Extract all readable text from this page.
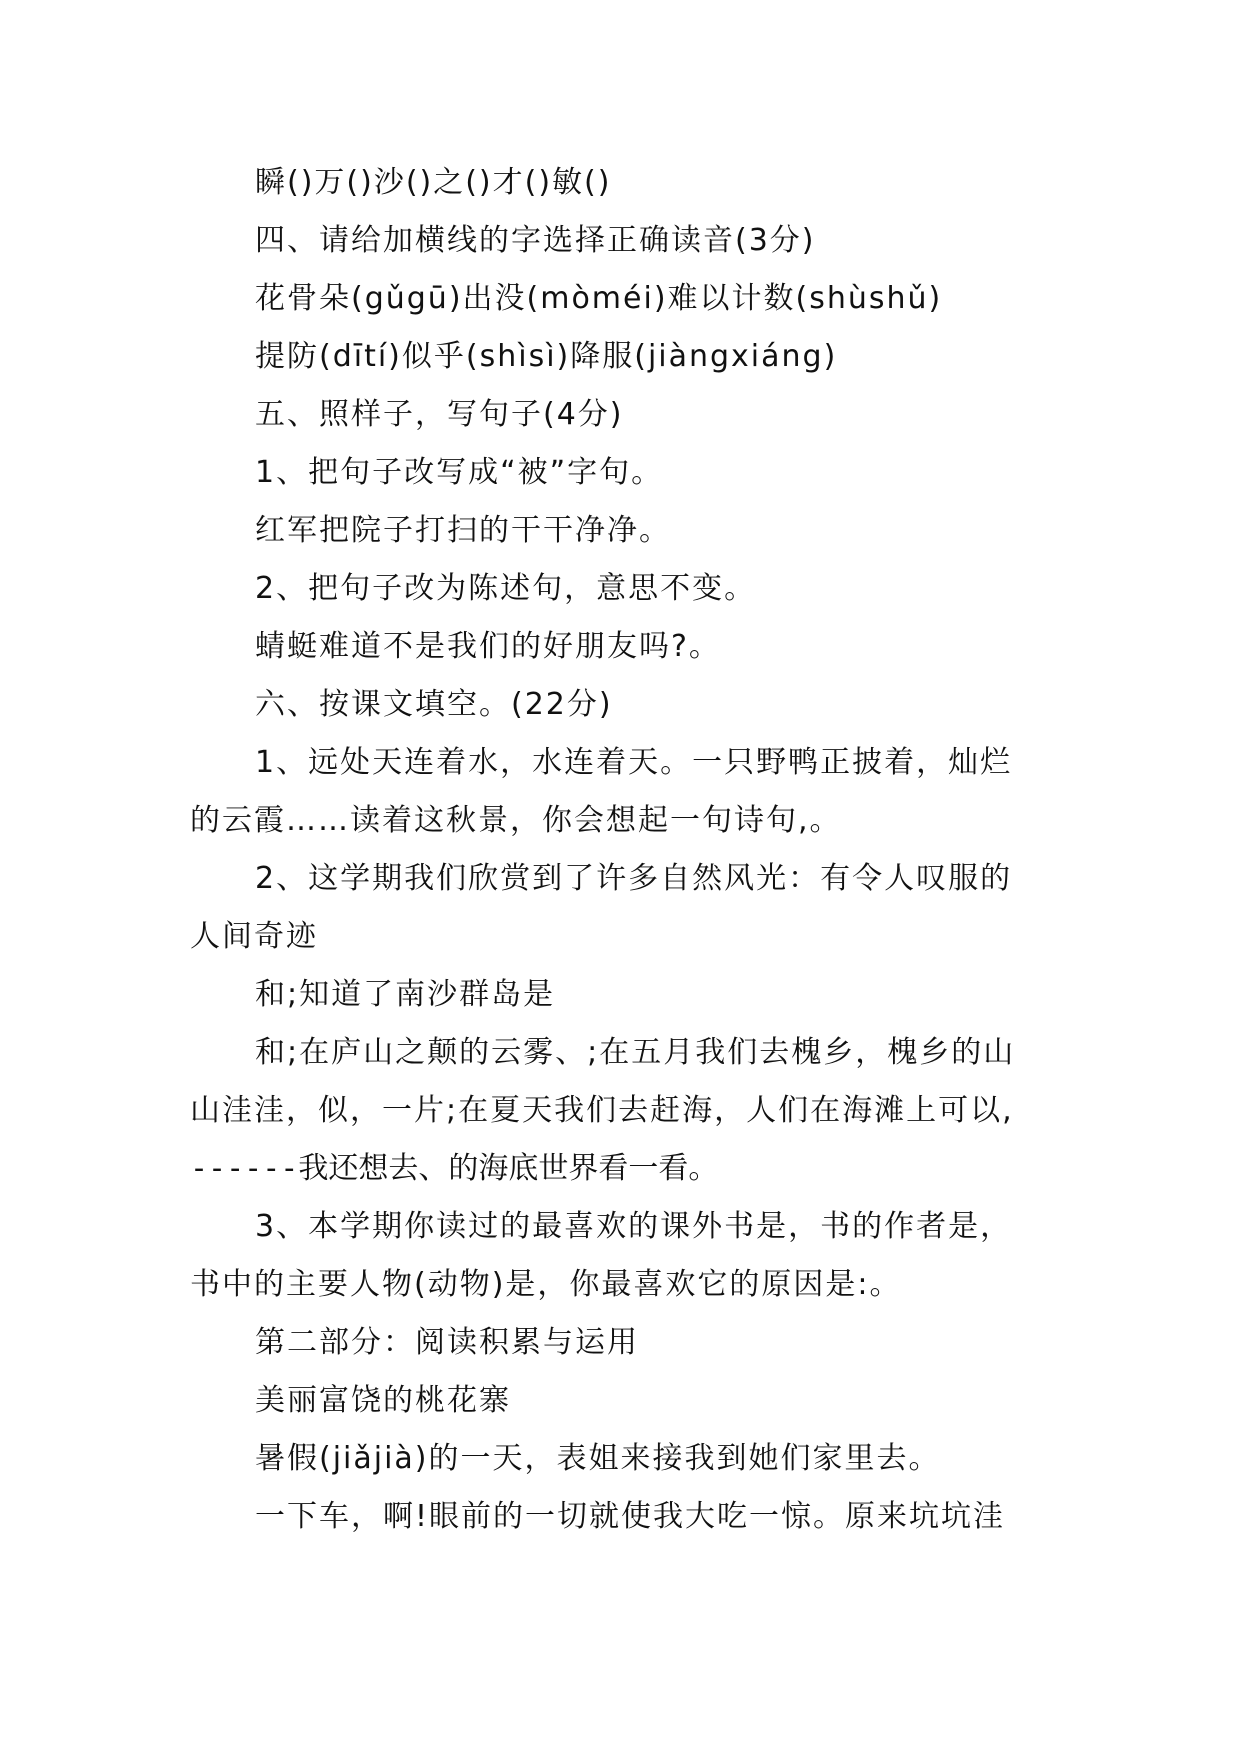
瞬()万()沙()之()才()敏()
四、请给加横线的字选择正确读音(3分)
花骨朵(gǔgū)出没(mòméi)难以计数(shùshǔ)
提防(dītí)似乎(shìsì)降服(jiàngxiáng)
五、照样子，写句子(4分)
1、把句子改写成“被”字句。
红军把院子打扫的干干净净。
2、把句子改为陈述句，意思不变。
蜻蜓难道不是我们的好朋友吗?。
六、按课文填空。(22分)
1、远处天连着水，水连着天。一只野鸭正披着，灿烂
的云霞……读着这秋景，你会想起一句诗句,。
2、这学期我们欣赏到了许多自然风光：有令人叹服的
人间奇迹
和;知道了南沙群岛是
和;在庐山之颠的云雾、;在五月我们去槐乡，槐乡的山
山洼洼，似，一片;在夏天我们去赶海，人们在海滩上可以,
------我还想去、的海底世界看一看。
3、本学期你读过的最喜欢的课外书是，书的作者是，
书中的主要人物(动物)是，你最喜欢它的原因是:。
第二部分：阅读积累与运用
美丽富饶的桃花寨
暑假(jiǎjià)的一天，表姐来接我到她们家里去。
一下车，啊!眼前的一切就使我大吃一惊。原来坑坑洼
